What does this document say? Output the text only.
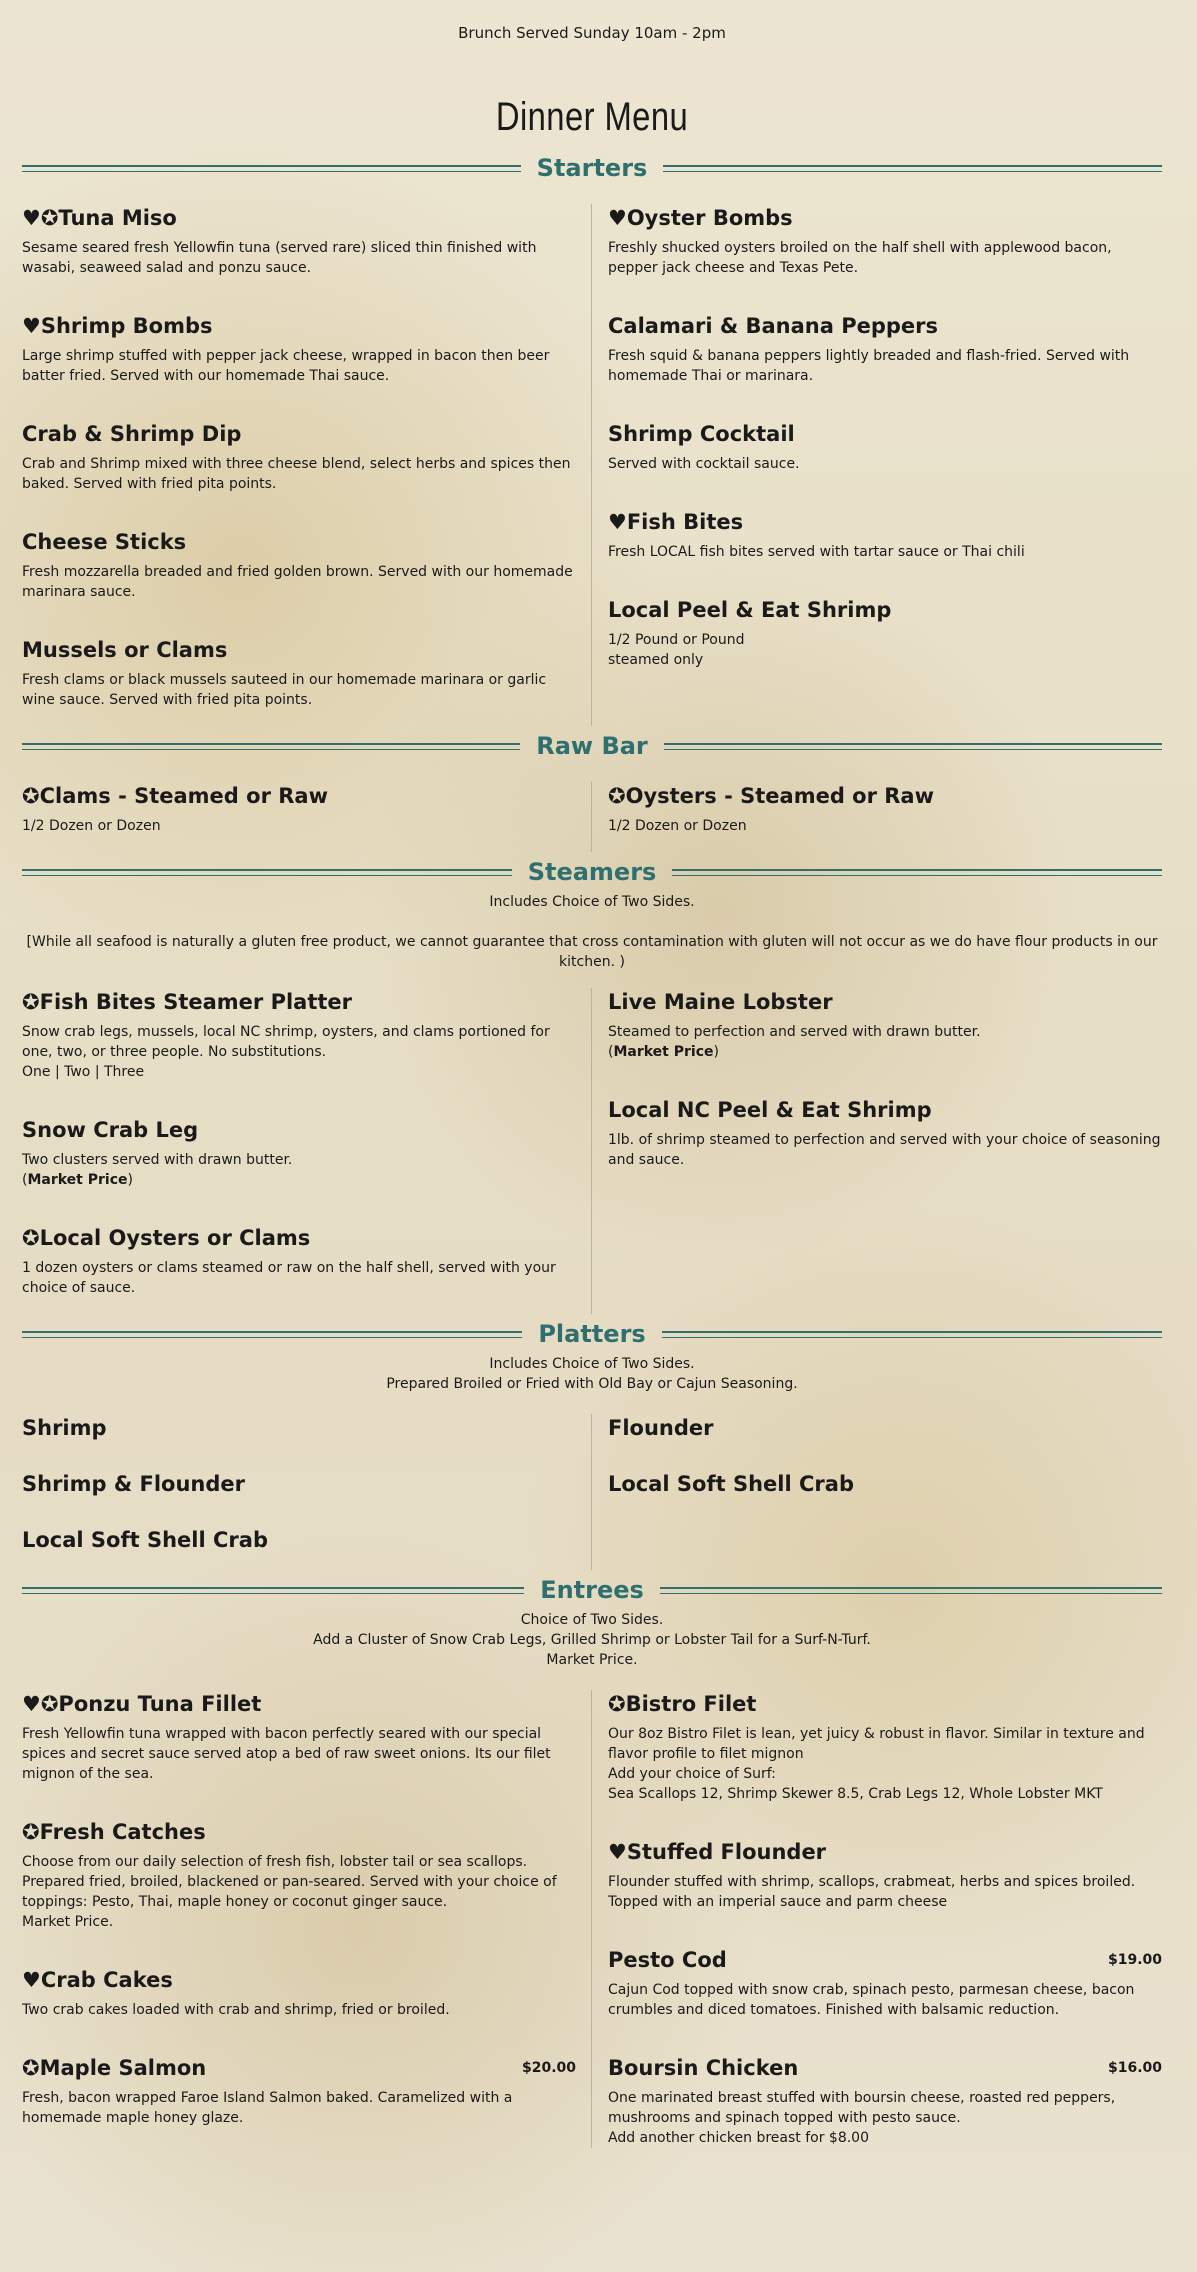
Brunch Served Sunday 10am - 2pm
Dinner Menu
Starters
♥✪Tuna Miso
Sesame seared fresh Yellowfin tuna (served rare) sliced thin finished with wasabi, seaweed salad and ponzu sauce.
♥Shrimp Bombs
Large shrimp stuffed with pepper jack cheese, wrapped in bacon then beer batter fried. Served with our homemade Thai sauce.
Crab & Shrimp Dip
Crab and Shrimp mixed with three cheese blend, select herbs and spices then baked. Served with fried pita points.
Cheese Sticks
Fresh mozzarella breaded and fried golden brown. Served with our homemade marinara sauce.
Mussels or Clams
Fresh clams or black mussels sauteed in our homemade marinara or garlic wine sauce. Served with fried pita points.
♥Oyster Bombs
Freshly shucked oysters broiled on the half shell with applewood bacon, pepper jack cheese and Texas Pete.
Calamari & Banana Peppers
Fresh squid & banana peppers lightly breaded and flash-fried. Served with homemade Thai or marinara.
Shrimp Cocktail
Served with cocktail sauce.
♥Fish Bites
Fresh LOCAL fish bites served with tartar sauce or Thai chili
Local Peel & Eat Shrimp
1/2 Pound or Pound
steamed only
Raw Bar
✪Clams - Steamed or Raw
1/2 Dozen or Dozen
✪Oysters - Steamed or Raw
1/2 Dozen or Dozen
Steamers
Includes Choice of Two Sides.
[While all seafood is naturally a gluten free product, we cannot guarantee that cross contamination with gluten will not occur as we do have flour products in our kitchen. )
✪Fish Bites Steamer Platter
Snow crab legs, mussels, local NC shrimp, oysters, and clams portioned for one, two, or three people. No substitutions.
One | Two | Three
Snow Crab Leg
Two clusters served with drawn butter.
(Market Price)
✪Local Oysters or Clams
1 dozen oysters or clams steamed or raw on the half shell, served with your choice of sauce.
Live Maine Lobster
Steamed to perfection and served with drawn butter.
(Market Price)
Local NC Peel & Eat Shrimp
1lb. of shrimp steamed to perfection and served with your choice of seasoning and sauce.
Platters
Includes Choice of Two Sides.
Prepared Broiled or Fried with Old Bay or Cajun Seasoning.
Shrimp
Shrimp & Flounder
Local Soft Shell Crab
Flounder
Local Soft Shell Crab
Entrees
Choice of Two Sides.
Add a Cluster of Snow Crab Legs, Grilled Shrimp or Lobster Tail for a Surf-N-Turf.
Market Price.
♥✪Ponzu Tuna Fillet
Fresh Yellowfin tuna wrapped with bacon perfectly seared with our special spices and secret sauce served atop a bed of raw sweet onions. Its our filet mignon of the sea.
✪Fresh Catches
Choose from our daily selection of fresh fish, lobster tail or sea scallops. Prepared fried, broiled, blackened or pan-seared. Served with your choice of toppings: Pesto, Thai, maple honey or coconut ginger sauce.
Market Price.
♥Crab Cakes
Two crab cakes loaded with crab and shrimp, fried or broiled.
✪Maple Salmon	$20.00
Fresh, bacon wrapped Faroe Island Salmon baked. Caramelized with a homemade maple honey glaze.
✪Bistro Filet
Our 8oz Bistro Filet is lean, yet juicy & robust in flavor. Similar in texture and flavor profile to filet mignon
Add your choice of Surf:
Sea Scallops 12, Shrimp Skewer 8.5, Crab Legs 12, Whole Lobster MKT
♥Stuffed Flounder
Flounder stuffed with shrimp, scallops, crabmeat, herbs and spices broiled. Topped with an imperial sauce and parm cheese
Pesto Cod	$19.00
Cajun Cod topped with snow crab, spinach pesto, parmesan cheese, bacon crumbles and diced tomatoes. Finished with balsamic reduction.
Boursin Chicken	$16.00
One marinated breast stuffed with boursin cheese, roasted red peppers, mushrooms and spinach topped with pesto sauce.
Add another chicken breast for $8.00
